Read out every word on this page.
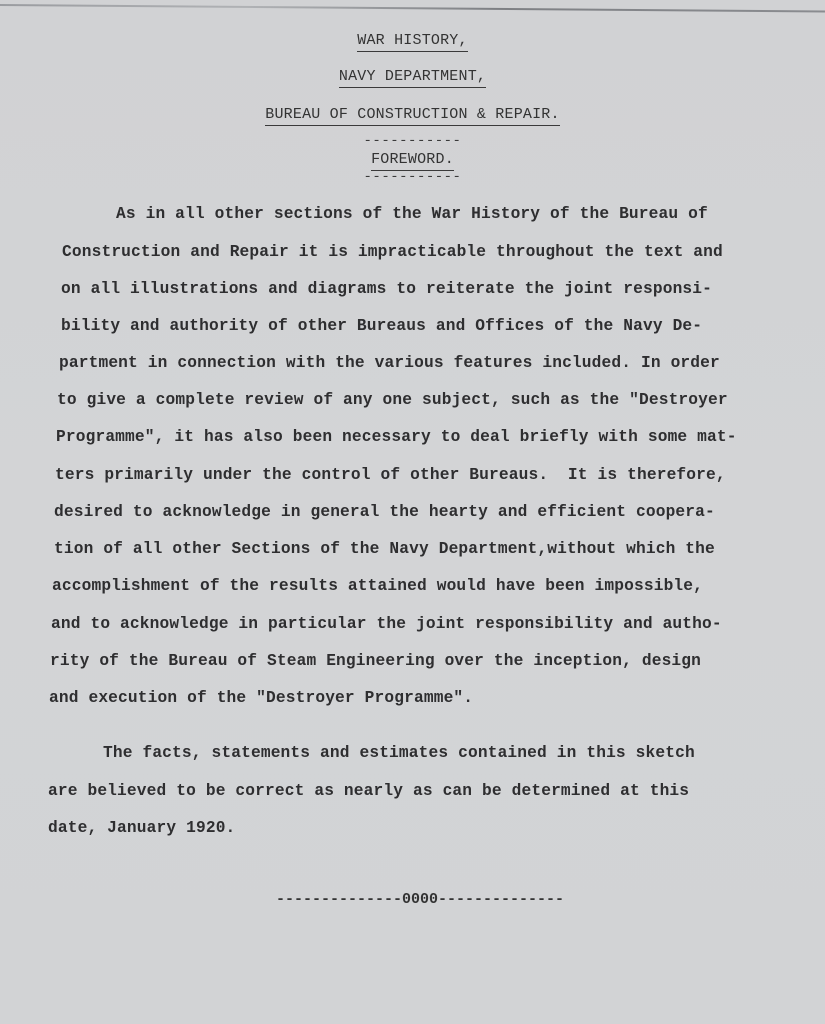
WAR HISTORY,
NAVY DEPARTMENT,
BUREAU OF CONSTRUCTION & REPAIR.
-----------
FOREWORD.
-----------
As in all other sections of the War History of the Bureau of
Construction and Repair it is impracticable throughout the text and
on all illustrations and diagrams to reiterate the joint responsi-
bility and authority of other Bureaus and Offices of the Navy De-
partment in connection with the various features included. In order
to give a complete review of any one subject, such as the "Destroyer
Programme", it has also been necessary to deal briefly with some mat-
ters primarily under the control of other Bureaus.  It is therefore,
desired to acknowledge in general the hearty and efficient coopera-
tion of all other Sections of the Navy Department,without which the
accomplishment of the results attained would have been impossible,
and to acknowledge in particular the joint responsibility and autho-
rity of the Bureau of Steam Engineering over the inception, design
and execution of the "Destroyer Programme".
The facts, statements and estimates contained in this sketch
are believed to be correct as nearly as can be determined at this
date, January 1920.
--------------0000--------------
